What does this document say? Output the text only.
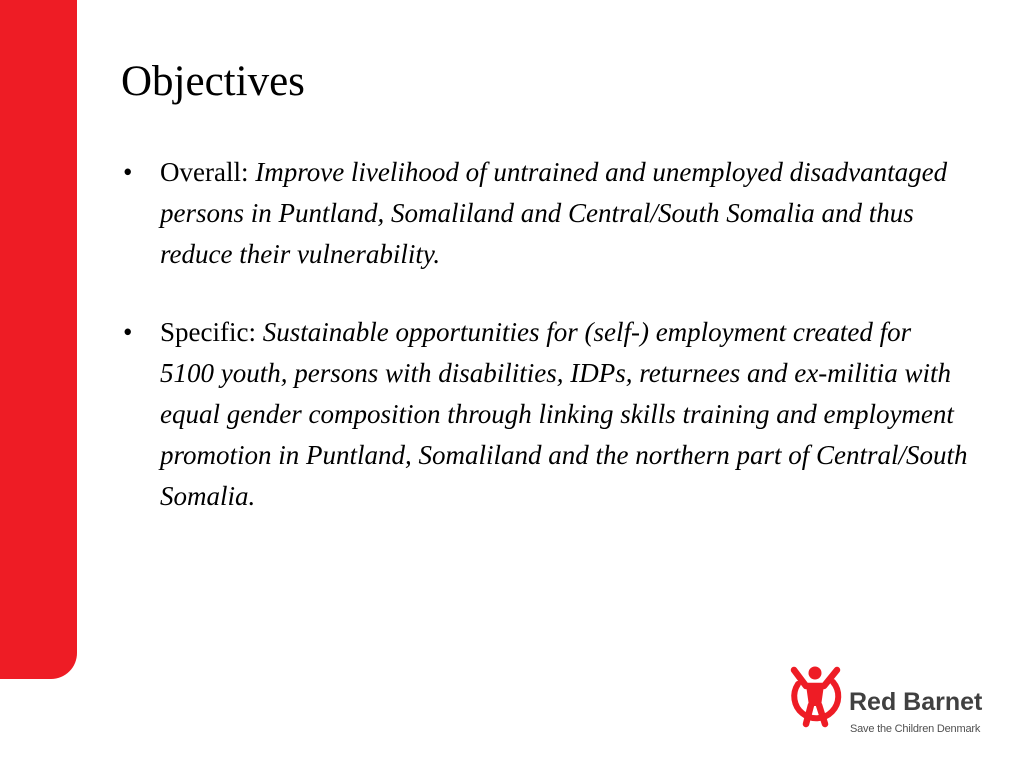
Objectives
• Overall: Improve livelihood of untrained and unemployed disadvantaged persons in Puntland, Somaliland and Central/South Somalia and thus reduce their vulnerability.
• Specific: Sustainable opportunities for (self-) employment created for 5100 youth, persons with disabilities, IDPs, returnees and ex-militia with equal gender composition through linking skills training and employment promotion in Puntland, Somaliland and the northern part of Central/South Somalia.
Red Barnet
Save the Children Denmark
